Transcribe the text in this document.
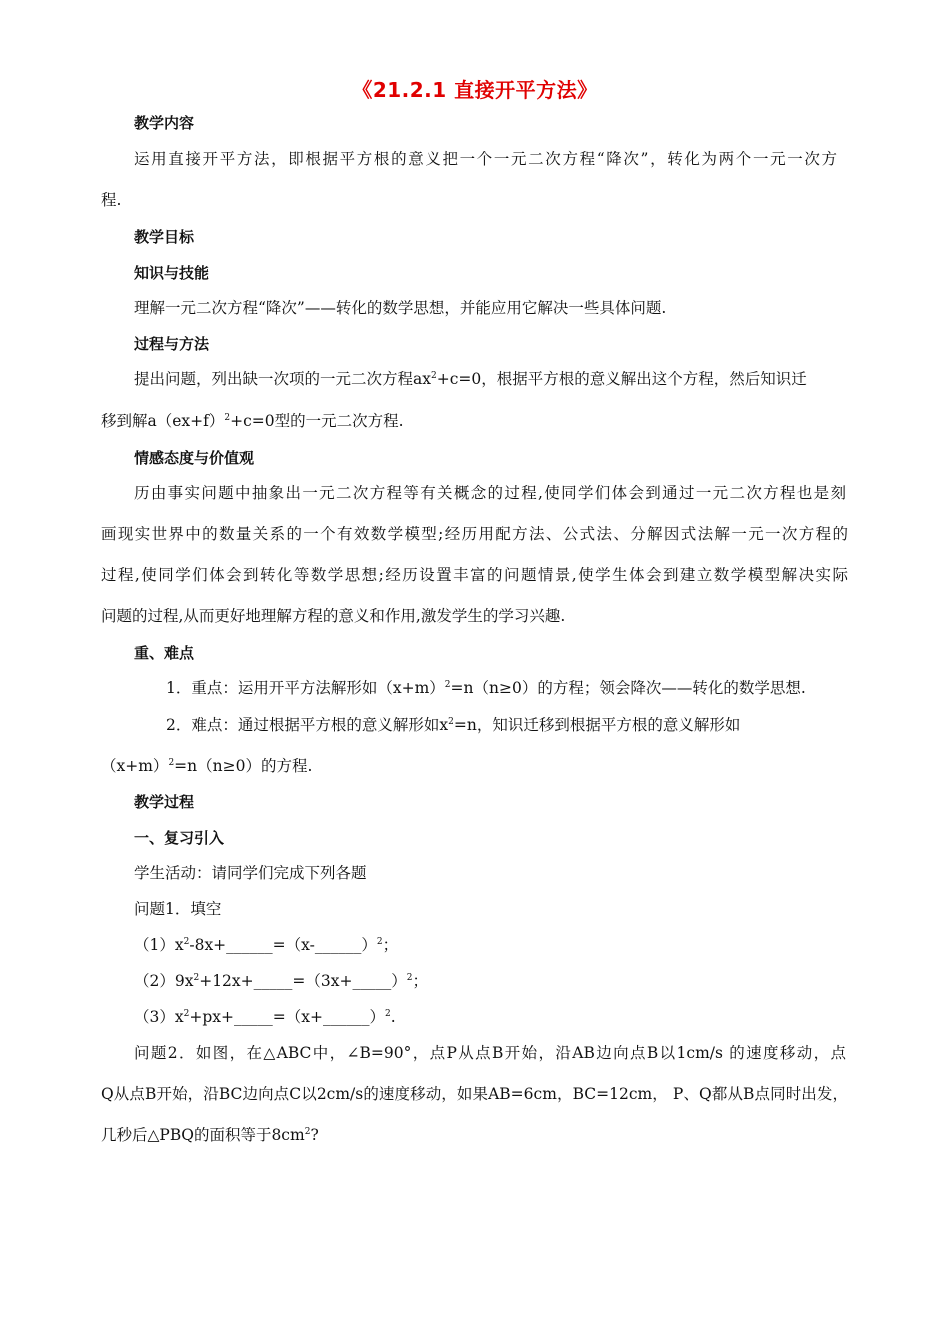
《21.2.1 直接开平方法》
教学内容
运用直接开平方法，即根据平方根的意义把一个一元二次方程“降次”，转化为两个一元一次方
程.
教学目标
知识与技能
理解一元二次方程“降次”——转化的数学思想，并能应用它解决一些具体问题.
过程与方法
提出问题，列出缺一次项的一元二次方程$ax^2+c=0$，根据平方根的意义解出这个方程，然后知识迁
移到解$a(ex+f)^2+c=0$型的一元二次方程.
情感态度与价值观
历由事实问题中抽象出一元二次方程等有关概念的过程,使同学们体会到通过一元二次方程也是刻
画现实世界中的数量关系的一个有效数学模型;经历用配方法、公式法、分解因式法解一元一次方程的
过程,使同学们体会到转化等数学思想;经历设置丰富的问题情景,使学生体会到建立数学模型解决实际
问题的过程,从而更好地理解方程的意义和作用,激发学生的学习兴趣.
重、难点
1．重点：运用开平方法解形如$(x+m)^2=n(n\ge 0)$的方程；领会降次——转化的数学思想.
2．难点：通过根据平方根的意义解形如$x^2=n$，知识迁移到根据平方根的意义解形如
$(x+m)^2=n(n\ge 0)$的方程.
教学过程
一、复习引入
学生活动：请同学们完成下列各题
问题1．填空
$(1)x^2-8x+\_\_\_\_\_\_=(x-\_\_\_\_\_\_)^2$；
$(2)9x^2+12x+\_\_\_\_\_=(3x+\_\_\_\_\_)^2$；
$(3)x^2+px+\_\_\_\_\_=(x+\_\_\_\_\_\_)^2$.
问题2．如图，在△ABC中，∠B=90°，点P从点B开始，沿AB边向点B以1cm/s 的速度移动，点
Q从点B开始，沿BC边向点C以2cm/s的速度移动，如果AB=6cm，BC=12cm， P、Q都从B点同时出发，
几秒后△PBQ的面积等于$8cm^2$?
